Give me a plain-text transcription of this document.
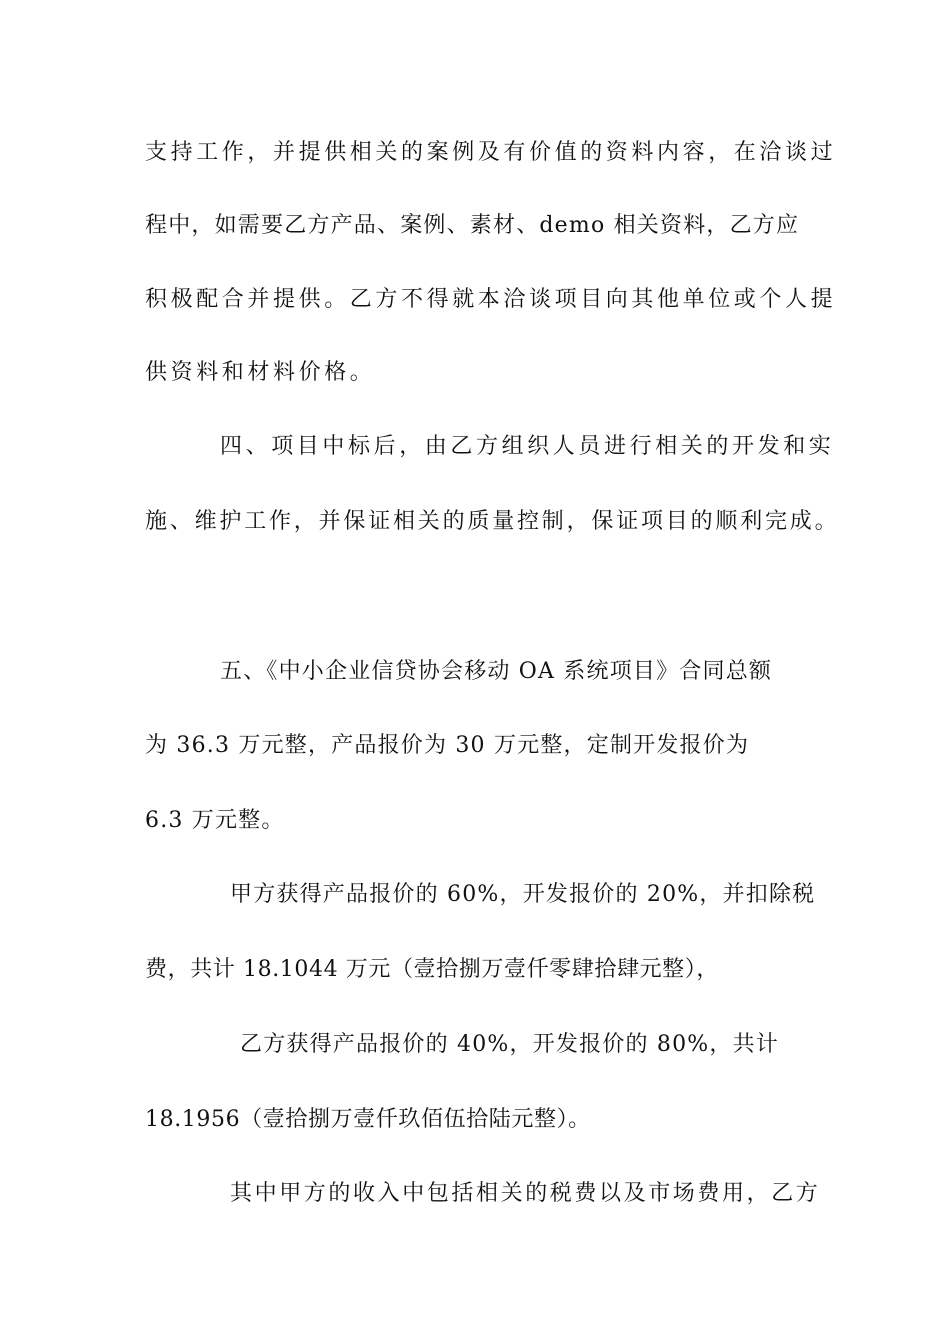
支持工作，并提供相关的案例及有价值的资料内容，在洽谈过
程中，如需要乙方产品、案例、素材、demo 相关资料，乙方应
积极配合并提供。乙方不得就本洽谈项目向其他单位或个人提
供资料和材料价格。
四、项目中标后，由乙方组织人员进行相关的开发和实
施、维护工作，并保证相关的质量控制，保证项目的顺利完成。
五、《中小企业信贷协会移动 OA 系统项目》合同总额
为 36.3 万元整，产品报价为 30 万元整，定制开发报价为
6.3 万元整。
甲方获得产品报价的 60%，开发报价的 20%，并扣除税
费，共计 18.1044 万元（壹拾捌万壹仟零肆拾肆元整），
乙方获得产品报价的 40%，开发报价的 80%，共计
18.1956（壹拾捌万壹仟玖佰伍拾陆元整）。
其中甲方的收入中包括相关的税费以及市场费用，乙方
